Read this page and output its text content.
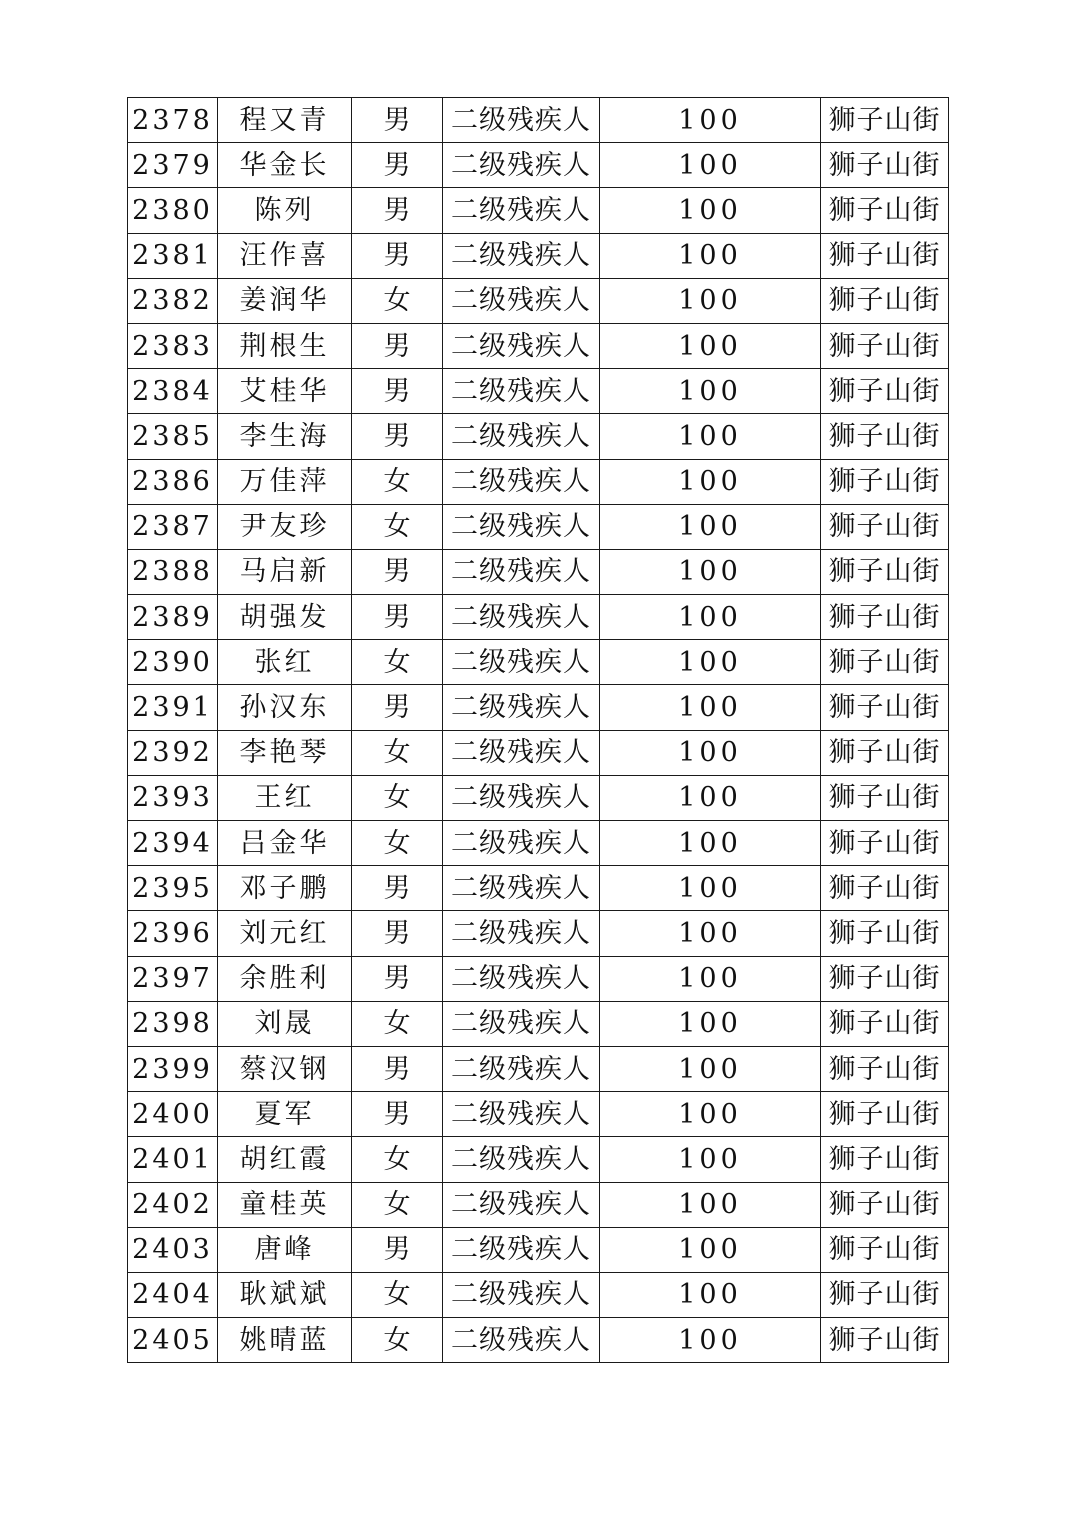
2378	程又青	男	二级残疾人	100	狮子山街
2379	华金长	男	二级残疾人	100	狮子山街
2380	陈列	男	二级残疾人	100	狮子山街
2381	汪作喜	男	二级残疾人	100	狮子山街
2382	姜润华	女	二级残疾人	100	狮子山街
2383	荆根生	男	二级残疾人	100	狮子山街
2384	艾桂华	男	二级残疾人	100	狮子山街
2385	李生海	男	二级残疾人	100	狮子山街
2386	万佳萍	女	二级残疾人	100	狮子山街
2387	尹友珍	女	二级残疾人	100	狮子山街
2388	马启新	男	二级残疾人	100	狮子山街
2389	胡强发	男	二级残疾人	100	狮子山街
2390	张红	女	二级残疾人	100	狮子山街
2391	孙汉东	男	二级残疾人	100	狮子山街
2392	李艳琴	女	二级残疾人	100	狮子山街
2393	王红	女	二级残疾人	100	狮子山街
2394	吕金华	女	二级残疾人	100	狮子山街
2395	邓子鹏	男	二级残疾人	100	狮子山街
2396	刘元红	男	二级残疾人	100	狮子山街
2397	余胜利	男	二级残疾人	100	狮子山街
2398	刘晟	女	二级残疾人	100	狮子山街
2399	蔡汉钢	男	二级残疾人	100	狮子山街
2400	夏军	男	二级残疾人	100	狮子山街
2401	胡红霞	女	二级残疾人	100	狮子山街
2402	童桂英	女	二级残疾人	100	狮子山街
2403	唐峰	男	二级残疾人	100	狮子山街
2404	耿斌斌	女	二级残疾人	100	狮子山街
2405	姚晴蓝	女	二级残疾人	100	狮子山街
